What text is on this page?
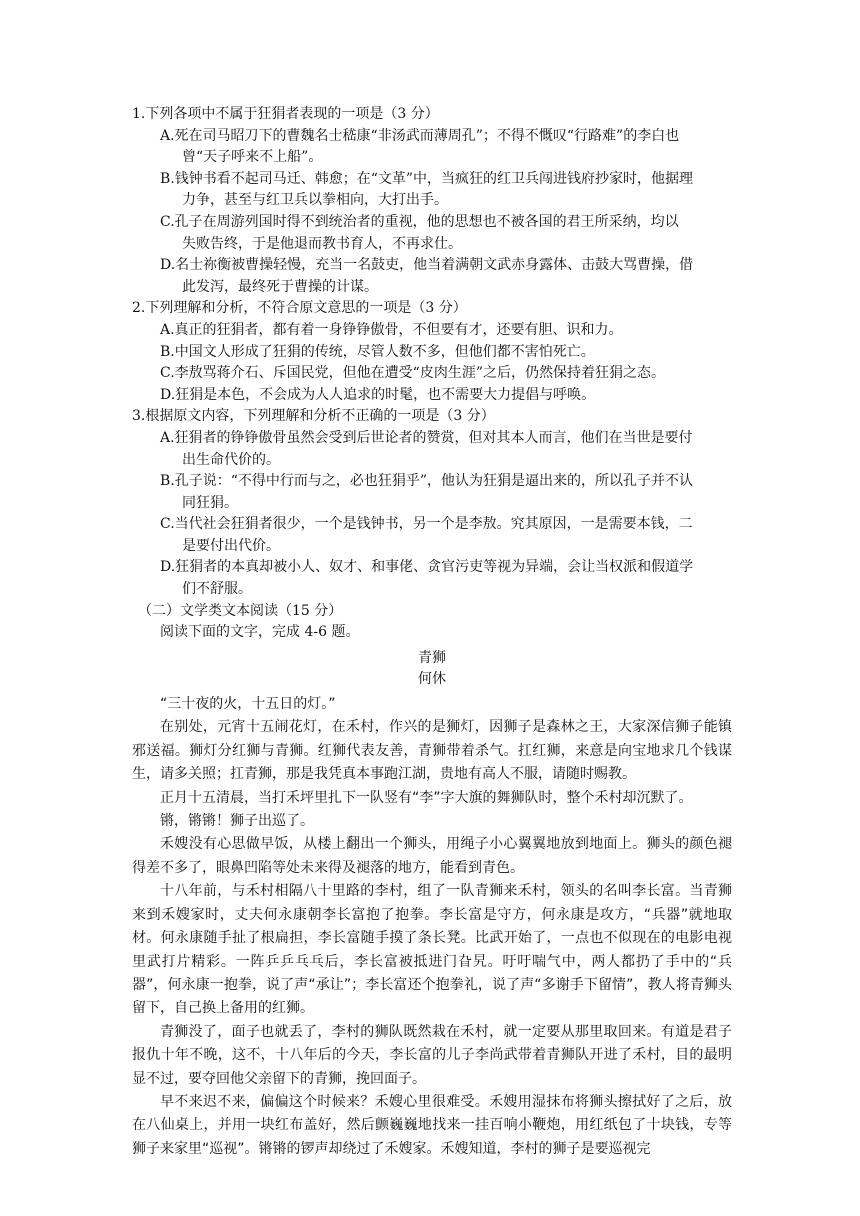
1.下列各项中不属于狂狷者表现的一项是（3 分）
A.死在司马昭刀下的曹魏名士嵇康“非汤武而薄周孔”；不得不慨叹“行路难”的李白也
曾“天子呼来不上船”。
B.钱钟书看不起司马迁、韩愈；在“文革”中，当疯狂的红卫兵闯进钱府抄家时，他据理
力争，甚至与红卫兵以拳相向，大打出手。
C.孔子在周游列国时得不到统治者的重视，他的思想也不被各国的君王所采纳，均以
失败告终，于是他退而教书育人，不再求仕。
D.名士祢衡被曹操轻慢，充当一名鼓吏，他当着满朝文武赤身露体、击鼓大骂曹操，借
此发泻，最终死于曹操的计谋。
2.下列理解和分析，不符合原文意思的一项是（3 分）
A.真正的狂狷者，都有着一身铮铮傲骨，不但要有才，还要有胆、识和力。
B.中国文人形成了狂狷的传统，尽管人数不多，但他们都不害怕死亡。
C.李敖骂蒋介石、斥国民党，但他在遭受“皮肉生涯”之后，仍然保持着狂狷之态。
D.狂狷是本色，不会成为人人追求的时髦，也不需要大力提倡与呼唤。
3.根据原文内容，下列理解和分析不正确的一项是（3 分）
A.狂狷者的铮铮傲骨虽然会受到后世论者的赞赏，但对其本人而言，他们在当世是要付
出生命代价的。
B.孔子说：“不得中行而与之，必也狂狷乎”，他认为狂狷是逼出来的，所以孔子并不认
同狂狷。
C.当代社会狂狷者很少，一个是钱钟书，另一个是李敖。究其原因，一是需要本钱，二
是要付出代价。
D.狂狷者的本真却被小人、奴才、和事佬、贪官污吏等视为异端，会让当权派和假道学
们不舒服。
（二）文学类文本阅读（15 分）
阅读下面的文字，完成 4-6 题。
青狮
何休

“三十夜的火，十五日的灯。”

在别处，元宵十五闹花灯，在禾村，作兴的是狮灯，因狮子是森林之王，大家深信狮子能镇邪送福。狮灯分红狮与青狮。红狮代表友善，青狮带着杀气。扛红狮，来意是向宝地求几个钱谋生，请多关照；扛青狮，那是我凭真本事跑江湖，贵地有高人不服，请随时赐教。

正月十五清晨，当打禾坪里扎下一队竖有“李”字大旗的舞狮队时，整个禾村却沉默了。

锵，锵锵！狮子出巡了。

禾嫂没有心思做早饭，从楼上翻出一个狮头，用绳子小心翼翼地放到地面上。狮头的颜色褪得差不多了，眼鼻凹陷等处未来得及褪落的地方，能看到青色。

十八年前，与禾村相隔八十里路的李村，组了一队青狮来禾村，领头的名叫李长富。当青狮来到禾嫂家时，丈夫何永康朝李长富抱了抱拳。李长富是守方，何永康是攻方，“兵器”就地取材。何永康随手扯了根扁担，李长富随手摸了条长凳。比武开始了，一点也不似现在的电影电视里武打片精彩。一阵乒乒乓乓后，李长富被抵进门旮旯。吁吁喘气中，两人都扔了手中的“兵器”，何永康一抱拳，说了声“承让”；李长富还个抱拳礼，说了声“多谢手下留情”，教人将青狮头留下，自己换上备用的红狮。

青狮没了，面子也就丢了，李村的狮队既然栽在禾村，就一定要从那里取回来。有道是君子报仇十年不晚，这不，十八年后的今天，李长富的儿子李尚武带着青狮队开进了禾村，目的最明显不过，要夺回他父亲留下的青狮，挽回面子。

早不来迟不来，偏偏这个时候来？禾嫂心里很难受。禾嫂用湿抹布将狮头擦拭好了之后，放在八仙桌上，并用一块红布盖好，然后颤巍巍地找来一挂百响小鞭炮，用红纸包了十块钱，专等狮子来家里“巡视”。锵锵的锣声却绕过了禾嫂家。禾嫂知道，李村的狮子是要巡视完
